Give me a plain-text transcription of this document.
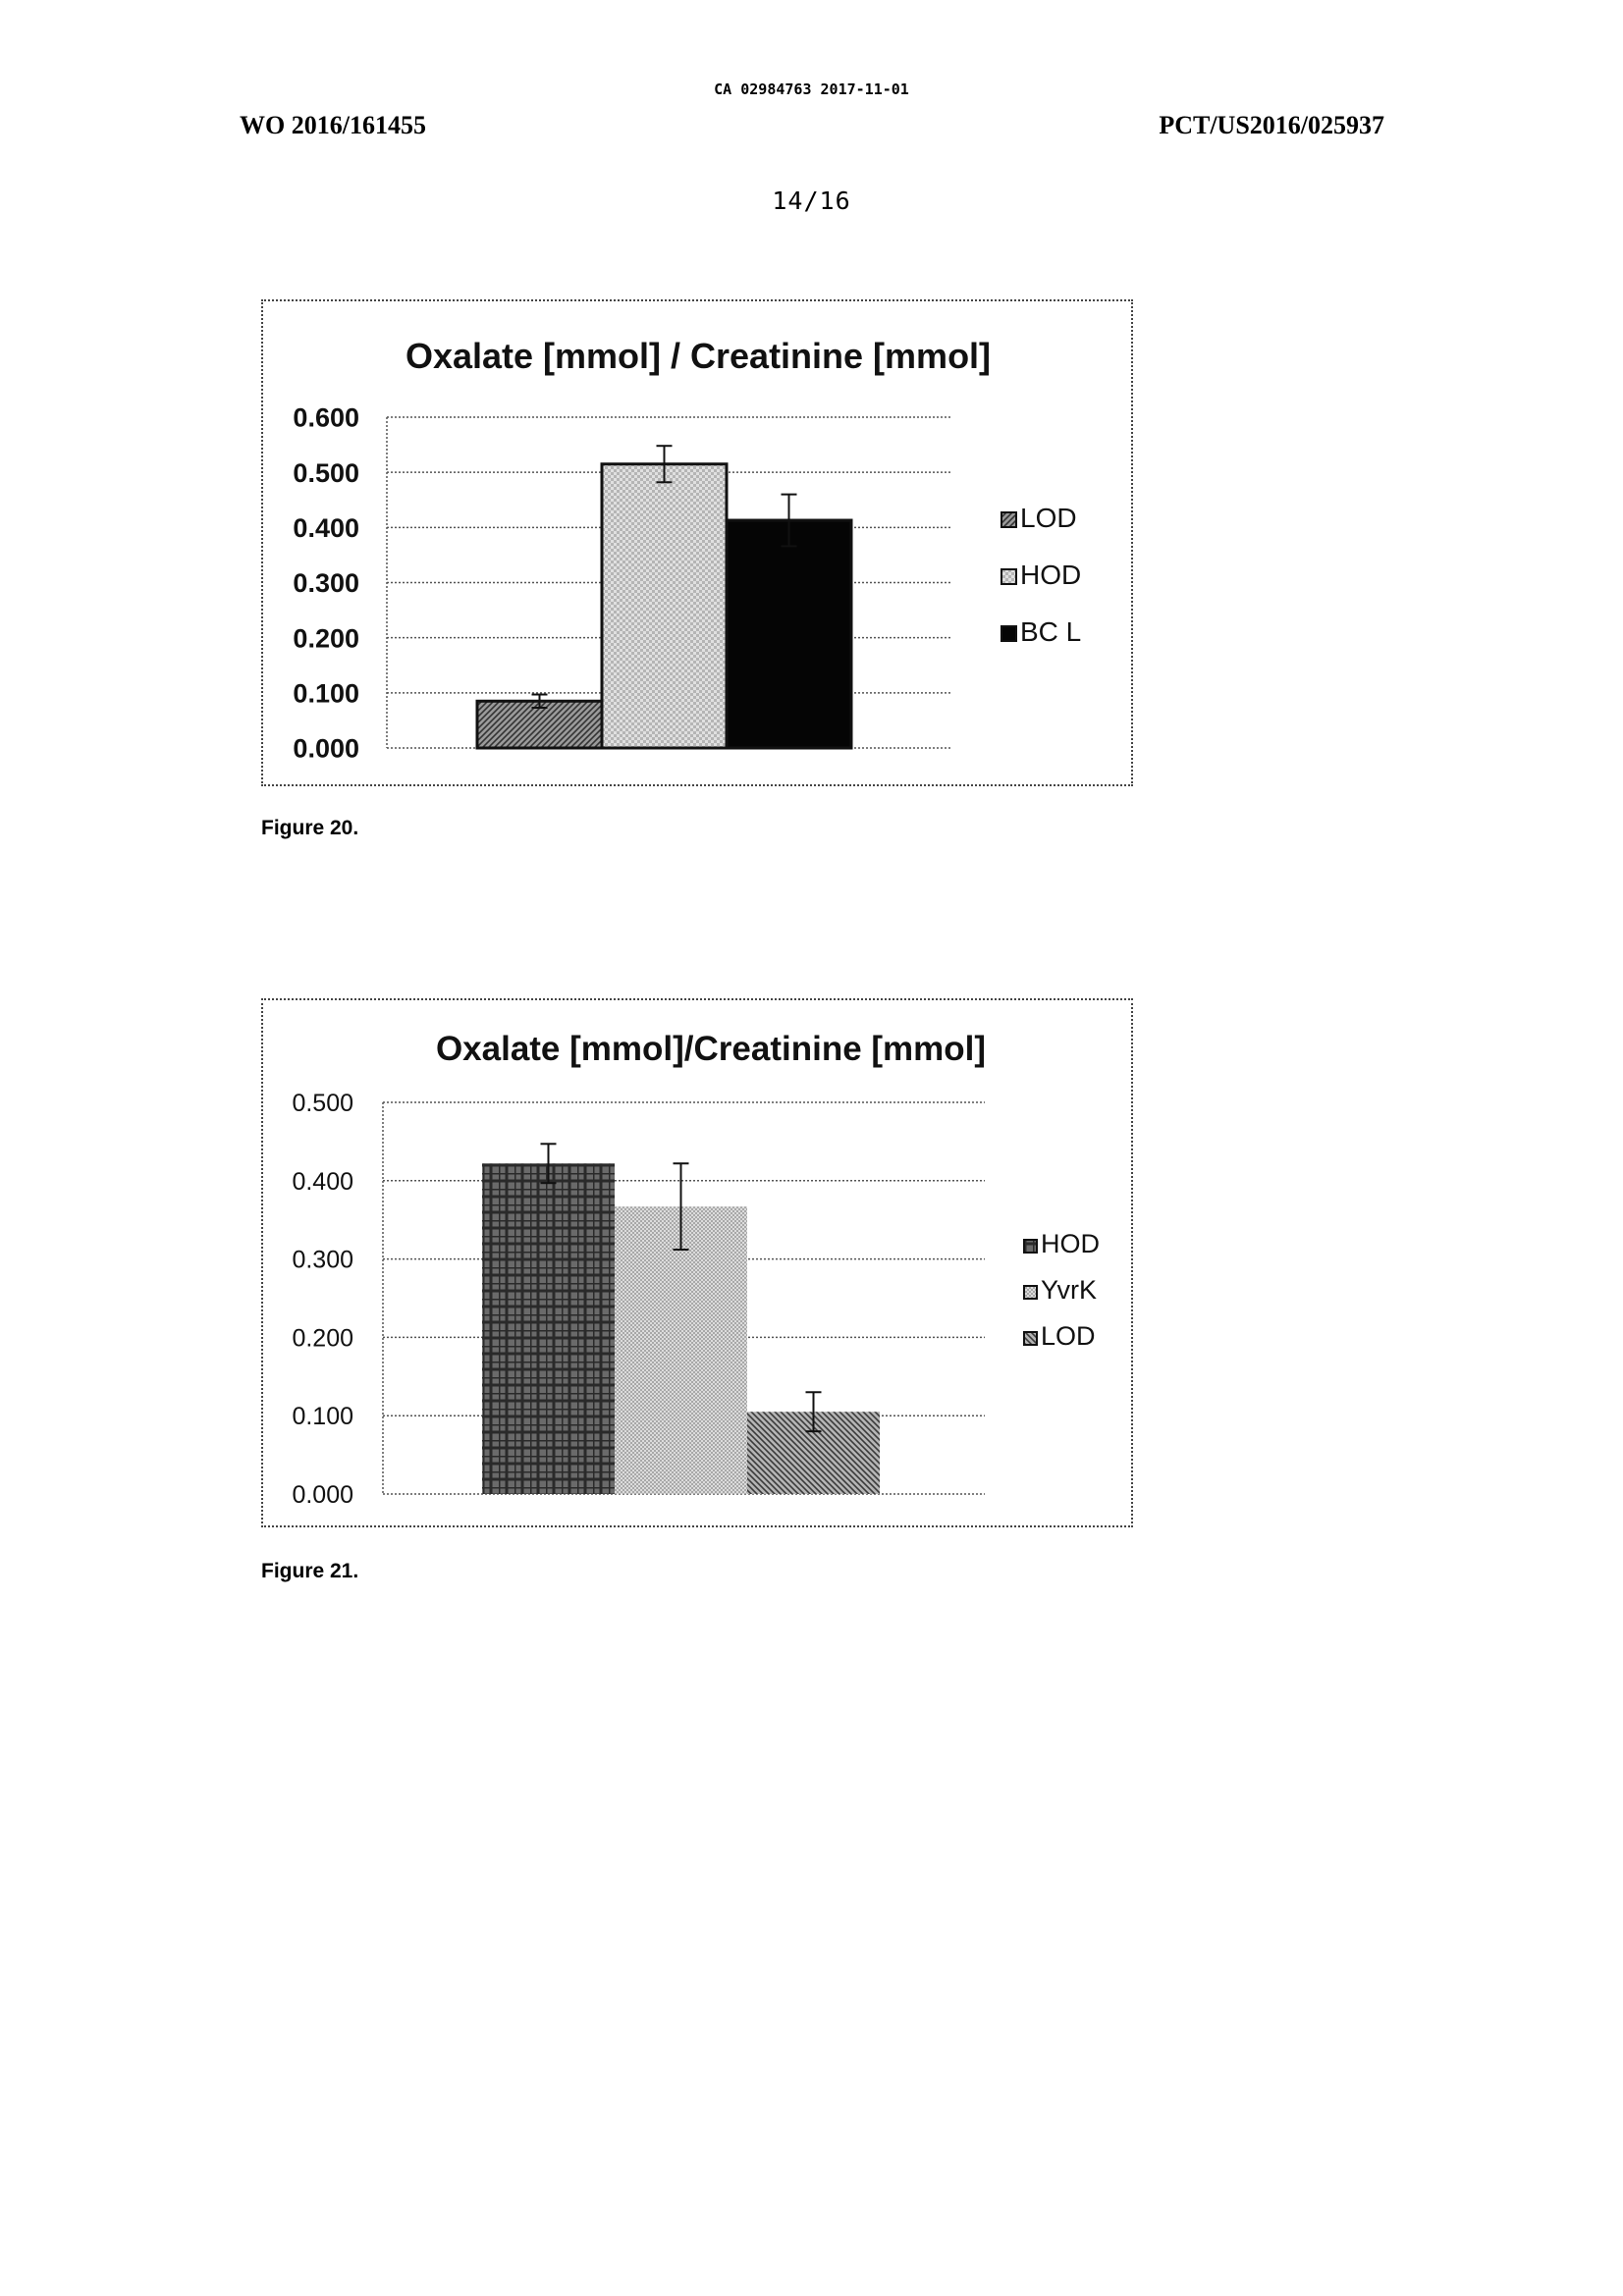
CA 02984763 2017-11-01
WO 2016/161455	PCT/US2016/025937
14/16
Oxalate [mmol] / Creatinine [mmol]
0.000
0.100
0.200
0.300
0.400
0.500
0.600
LOD
HOD
BC L
Figure 20.
Oxalate [mmol]/Creatinine [mmol]
0.000
0.100
0.200
0.300
0.400
0.500
HOD
YvrK
LOD
Figure 21.
